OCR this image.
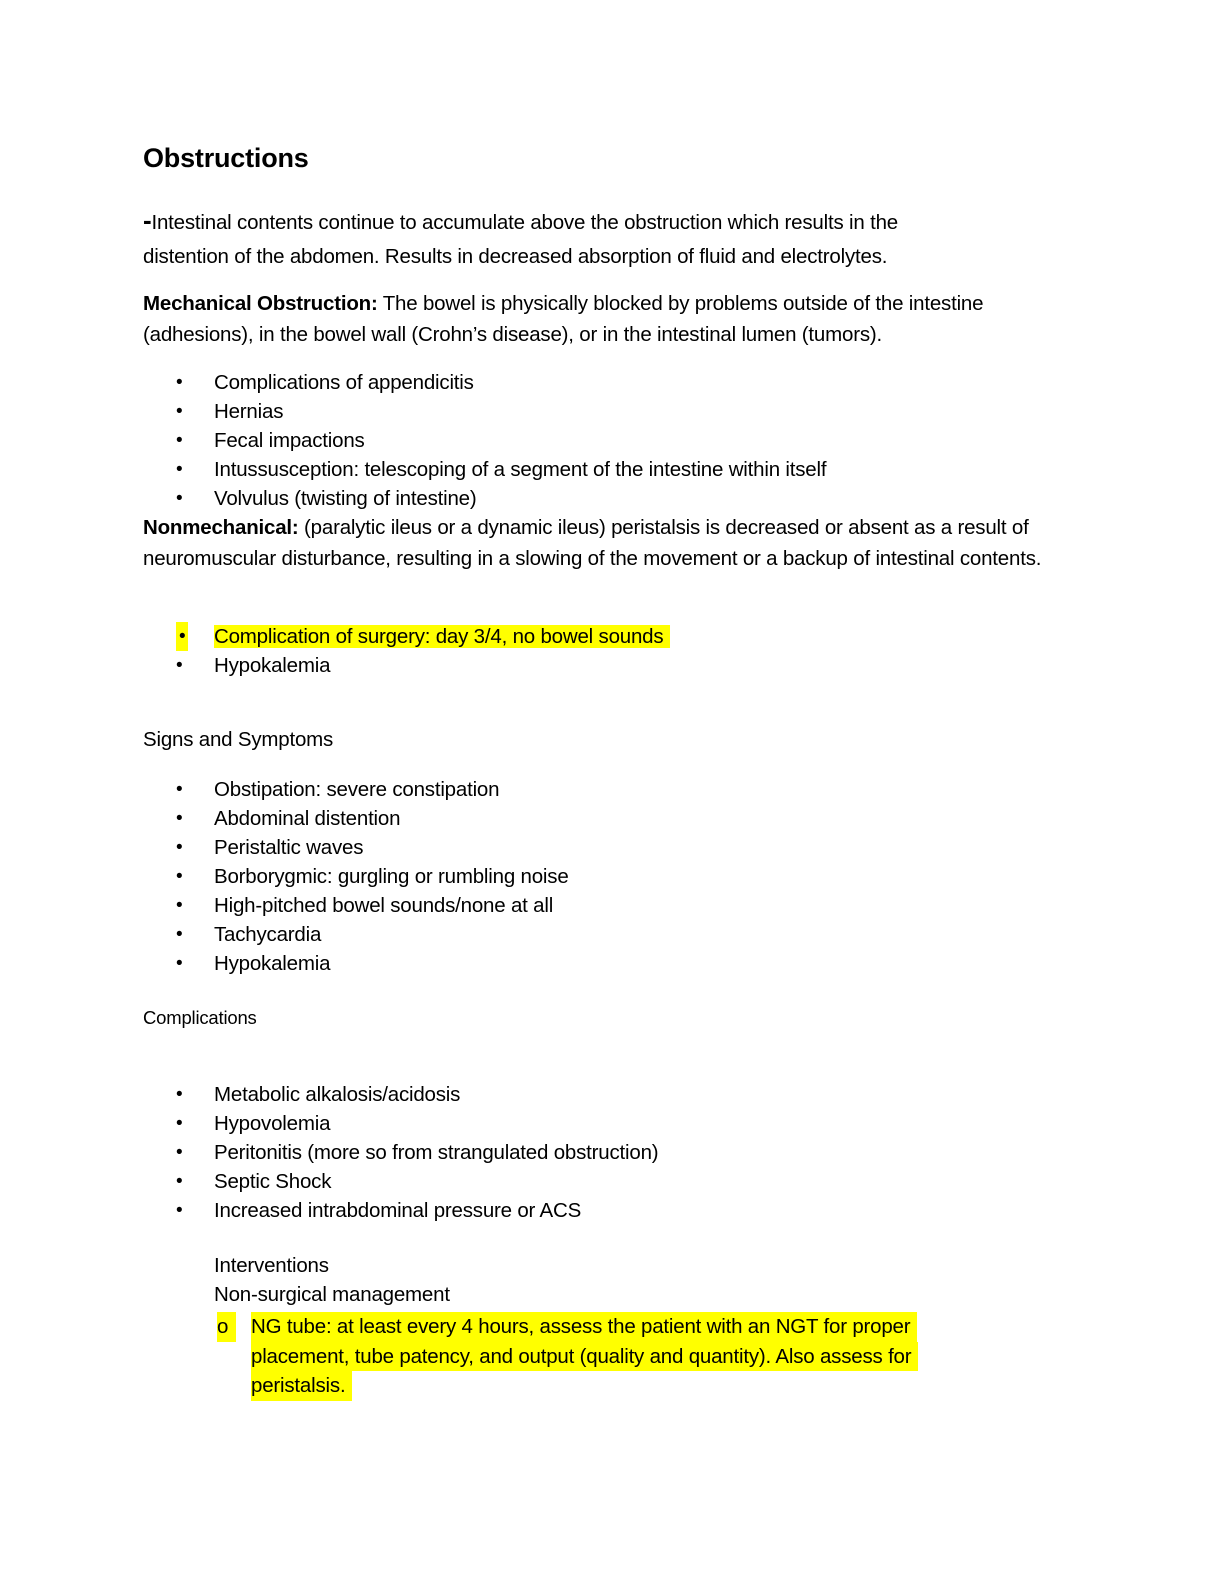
Obstructions
-Intestinal contents continue to accumulate above the obstruction which results in the
distention of the abdomen. Results in decreased absorption of fluid and electrolytes.
Mechanical Obstruction: The bowel is physically blocked by problems outside of the intestine (adhesions), in the bowel wall (Crohn’s disease), or in the intestinal lumen (tumors).
• Complications of appendicitis
• Hernias
• Fecal impactions
• Intussusception: telescoping of a segment of the intestine within itself
• Volvulus (twisting of intestine)
Nonmechanical: (paralytic ileus or a dynamic ileus) peristalsis is decreased or absent as a result of neuromuscular disturbance, resulting in a slowing of the movement or a backup of intestinal contents.
• Complication of surgery: day 3/4, no bowel sounds
• Hypokalemia
Signs and Symptoms
• Obstipation: severe constipation
• Abdominal distention
• Peristaltic waves
• Borborygmic: gurgling or rumbling noise
• High-pitched bowel sounds/none at all
• Tachycardia
• Hypokalemia
Complications
• Metabolic alkalosis/acidosis
• Hypovolemia
• Peritonitis (more so from strangulated obstruction)
• Septic Shock
• Increased intrabdominal pressure or ACS
Interventions
Non-surgical management
o	NG tube: at least every 4 hours, assess the patient with an NGT for proper
placement, tube patency, and output (quality and quantity). Also assess for
peristalsis.
